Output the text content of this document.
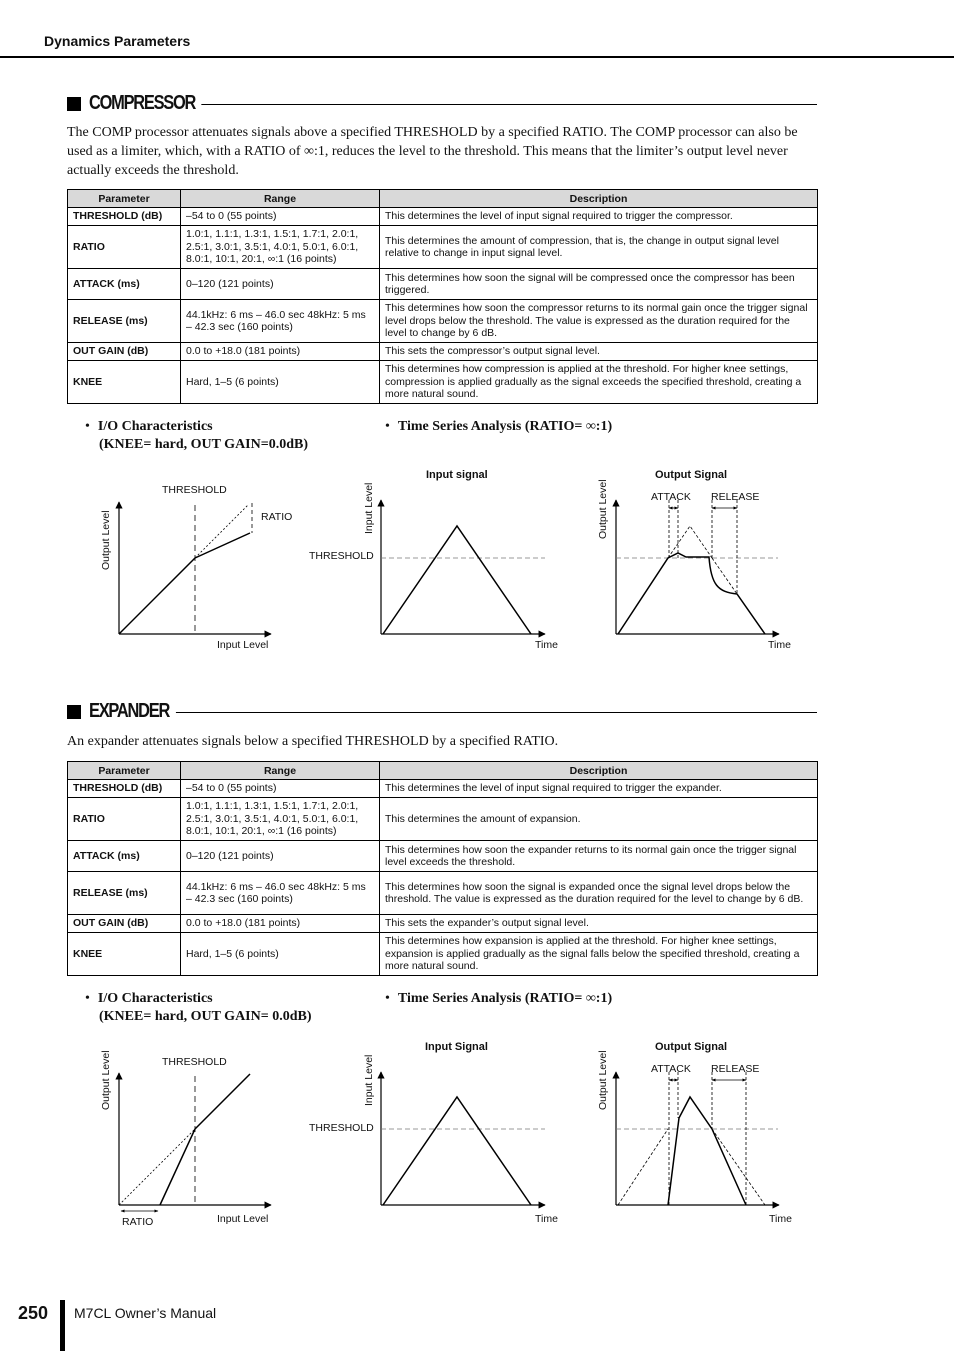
Dynamics Parameters
COMPRESSOR
The COMP processor attenuates signals above a specified THRESHOLD by a specified RATIO. The COMP processor can also be used as a limiter, which, with a RATIO of ∞:1, reduces the level to the threshold. This means that the limiter’s output level never actually exceeds the threshold.
Parameter	Range	Description
THRESHOLD (dB)	–54 to 0 (55 points)	This determines the level of input signal required to trigger the compressor.
RATIO	1.0:1, 1.1:1, 1.3:1, 1.5:1, 1.7:1, 2.0:1, 2.5:1, 3.0:1, 3.5:1, 4.0:1, 5.0:1, 6.0:1, 8.0:1, 10:1, 20:1, ∞:1 (16 points)	This determines the amount of compression, that is, the change in output signal level relative to change in input signal level.
ATTACK (ms)	0–120 (121 points)	This determines how soon the signal will be compressed once the compressor has been triggered.
RELEASE (ms)	44.1kHz: 6 ms – 46.0 sec 48kHz: 5 ms – 42.3 sec (160 points)	This determines how soon the compressor returns to its normal gain once the trigger signal level drops below the threshold. The value is expressed as the duration required for the level to change by 6 dB.
OUT GAIN (dB)	0.0 to +18.0 (181 points)	This sets the compressor’s output signal level.
KNEE	Hard, 1–5 (6 points)	This determines how compression is applied at the threshold. For higher knee settings, compression is applied gradually as the signal exceeds the specified threshold, creating a more natural sound.
• I/O Characteristics
(KNEE= hard, OUT GAIN=0.0dB)
• Time Series Analysis (RATIO= ∞:1)
Output Level
THRESHOLD
RATIO
Input Level
Input signal
Input Level
THRESHOLD
Time
Output Signal
Output Level	ATTACK RELEASE
Time
EXPANDER
An expander attenuates signals below a specified THRESHOLD by a specified RATIO.
Parameter	Range	Description
THRESHOLD (dB)	–54 to 0 (55 points)	This determines the level of input signal required to trigger the expander.
RATIO	1.0:1, 1.1:1, 1.3:1, 1.5:1, 1.7:1, 2.0:1, 2.5:1, 3.0:1, 3.5:1, 4.0:1, 5.0:1, 6.0:1, 8.0:1, 10:1, 20:1, ∞:1 (16 points)	This determines the amount of expansion.
ATTACK (ms)	0–120 (121 points)	This determines how soon the expander returns to its normal gain once the trigger signal level exceeds the threshold.
RELEASE (ms)	44.1kHz: 6 ms – 46.0 sec 48kHz: 5 ms – 42.3 sec (160 points)	This determines how soon the signal is expanded once the signal level drops below the threshold. The value is expressed as the duration required for the level to change by 6 dB.
OUT GAIN (dB)	0.0 to +18.0 (181 points)	This sets the expander’s output signal level.
KNEE	Hard, 1–5 (6 points)	This determines how expansion is applied at the threshold. For higher knee settings, expansion is applied gradually as the signal falls below the specified threshold, creating a more natural sound.
• I/O Characteristics
(KNEE= hard, OUT GAIN= 0.0dB)
• Time Series Analysis (RATIO= ∞:1)
Output Level	THRESHOLD
RATIO	Input Level
Input Signal
Input Level
THRESHOLD
Time
Output Signal
Output Level	ATTACK RELEASE
Time
250 M7CL Owner’s Manual
